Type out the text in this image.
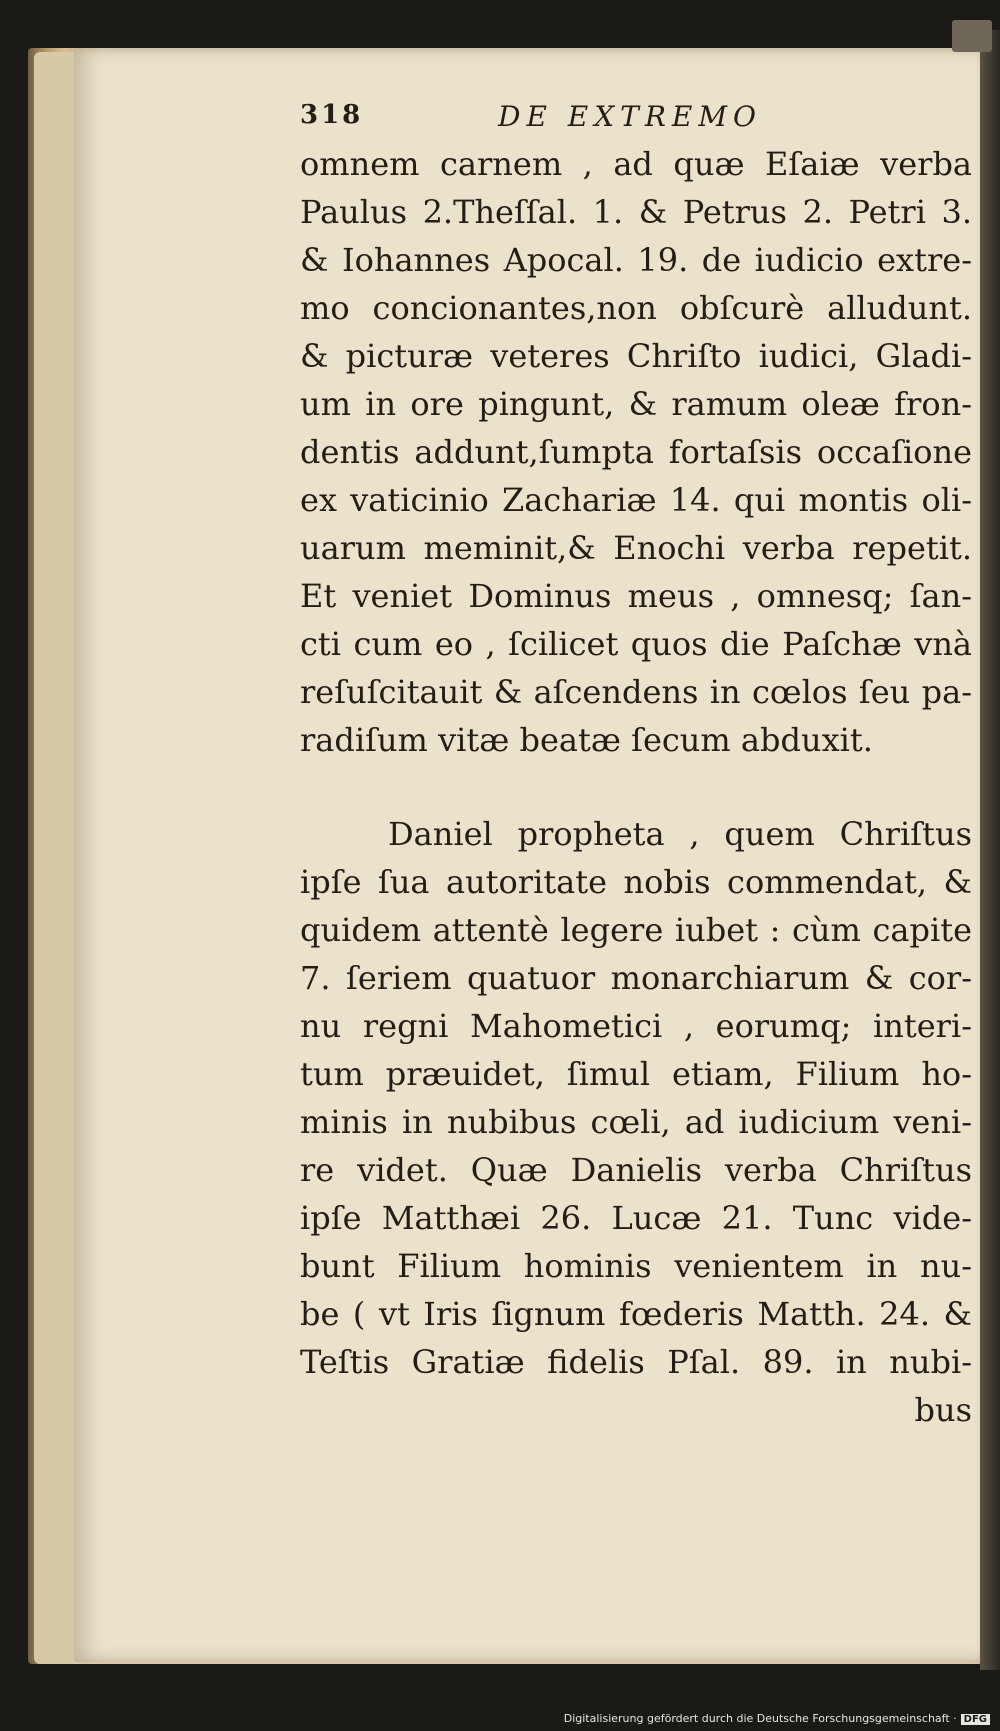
318	DE EXTREMO
omnem carnem , ad quæ Eſaiæ verba
Paulus 2.Theſſal. 1. & Petrus 2. Petri 3.
& Iohannes Apocal. 19. de iudicio extre-
mo concionantes,non obſcurè alludunt.
& picturæ veteres Chriſto iudici, Gladi-
um in ore pingunt, & ramum oleæ fron-
dentis addunt,ſumpta fortaſsis occaſione
ex vaticinio Zachariæ 14. qui montis oli-
uarum meminit,& Enochi verba repetit.
Et veniet Dominus meus , omnesq; ſan-
cti cum eo , ſcilicet quos die Paſchæ vnà
reſuſcitauit & aſcendens in cœlos ſeu pa-
radiſum vitæ beatæ ſecum abduxit.
Daniel propheta , quem Chriſtus
ipſe ſua autoritate nobis commendat, &
quidem attentè legere iubet : cùm capite
7. ſeriem quatuor monarchiarum & cor-
nu regni Mahometici , eorumq; interi-
tum præuidet, ſimul etiam, Filium ho-
minis in nubibus cœli, ad iudicium veni-
re videt. Quæ Danielis verba Chriſtus
ipſe Matthæi 26. Lucæ 21. Tunc vide-
bunt Filium hominis venientem in nu-
be ( vt Iris ſignum fœderis Matth. 24. &
Teſtis Gratiæ fidelis Pſal. 89. in nubi-
bus
Digitalisierung gefördert durch die Deutsche Forschungsgemeinschaft · DFG
